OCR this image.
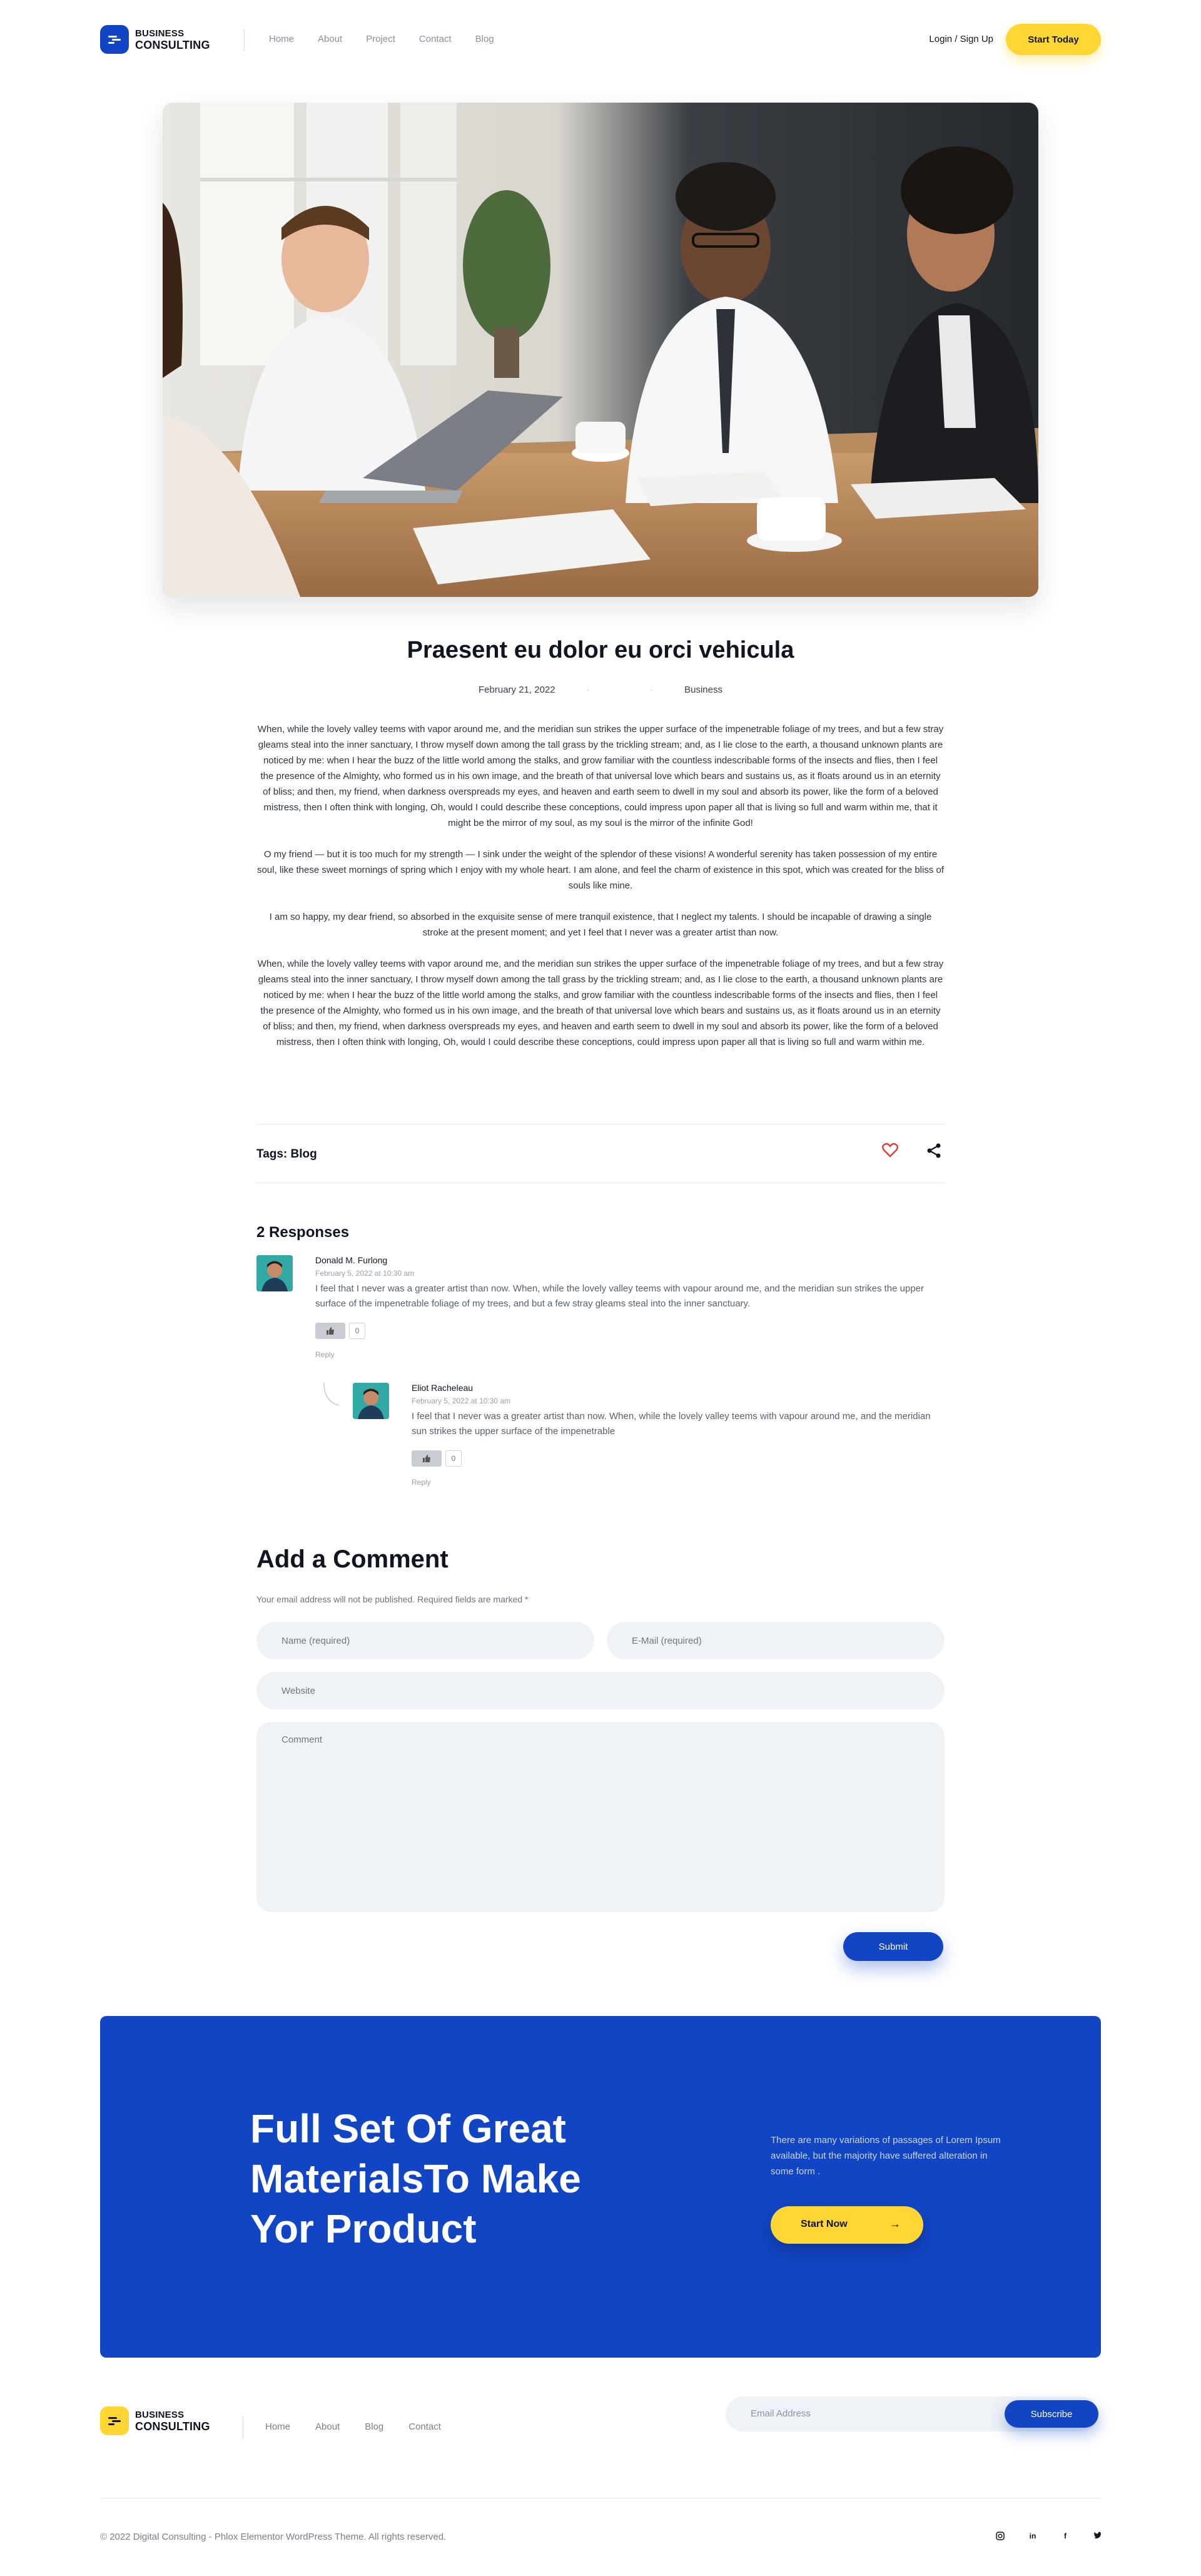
BUSINESS
CONSULTING	Home	About	Project	Contact	Blog	Login / Sign Up	Start Today
Praesent eu dolor eu orci vehicula
February 21, 2022	·	·	Business

When, while the lovely valley teems with vapor around me, and the meridian sun strikes the upper surface of the impenetrable foliage of my trees, and but a few stray gleams steal into the inner sanctuary, I throw myself down among the tall grass by the trickling stream; and, as I lie close to the earth, a thousand unknown plants are noticed by me: when I hear the buzz of the little world among the stalks, and grow familiar with the countless indescribable forms of the insects and flies, then I feel the presence of the Almighty, who formed us in his own image, and the breath of that universal love which bears and sustains us, as it floats around us in an eternity of bliss; and then, my friend, when darkness overspreads my eyes, and heaven and earth seem to dwell in my soul and absorb its power, like the form of a beloved mistress, then I often think with longing, Oh, would I could describe these conceptions, could impress upon paper all that is living so full and warm within me, that it might be the mirror of my soul, as my soul is the mirror of the infinite God!

O my friend — but it is too much for my strength — I sink under the weight of the splendor of these visions! A wonderful serenity has taken possession of my entire soul, like these sweet mornings of spring which I enjoy with my whole heart. I am alone, and feel the charm of existence in this spot, which was created for the bliss of souls like mine.

I am so happy, my dear friend, so absorbed in the exquisite sense of mere tranquil existence, that I neglect my talents. I should be incapable of drawing a single stroke at the present moment; and yet I feel that I never was a greater artist than now.

When, while the lovely valley teems with vapor around me, and the meridian sun strikes the upper surface of the impenetrable foliage of my trees, and but a few stray gleams steal into the inner sanctuary, I throw myself down among the tall grass by the trickling stream; and, as I lie close to the earth, a thousand unknown plants are noticed by me: when I hear the buzz of the little world among the stalks, and grow familiar with the countless indescribable forms of the insects and flies, then I feel the presence of the Almighty, who formed us in his own image, and the breath of that universal love which bears and sustains us, as it floats around us in an eternity of bliss; and then, my friend, when darkness overspreads my eyes, and heaven and earth seem to dwell in my soul and absorb its power, like the form of a beloved mistress, then I often think with longing, Oh, would I could describe these conceptions, could impress upon paper all that is living so full and warm within me.

Tags: Blog
2 Responses
Donald M. Furlong
February 5, 2022 at 10:30 am
I feel that I never was a greater artist than now. When, while the lovely valley teems with vapour around me, and the meridian sun strikes the upper surface of the impenetrable foliage of my trees, and but a few stray gleams steal into the inner sanctuary.
0
Reply
Eliot Racheleau
February 5, 2022 at 10:30 am
I feel that I never was a greater artist than now. When, while the lovely valley teems with vapour around me, and the meridian sun strikes the upper surface of the impenetrable
0
Reply
Add a Comment
Your email address will not be published. Required fields are marked *
Name (required)
E-Mail (required)
Website
Comment
Submit
Full Set Of Great MaterialsTo Make Yor Product
There are many variations of passages of Lorem Ipsum available, but the majority have suffered alteration in some form .
Start Now	→
BUSINESS
CONSULTING	Home	About	Blog	Contact
Email Address	Subscribe
© 2022 Digital Consulting - Phlox Elementor WordPress Theme. All rights reserved.	in	f
